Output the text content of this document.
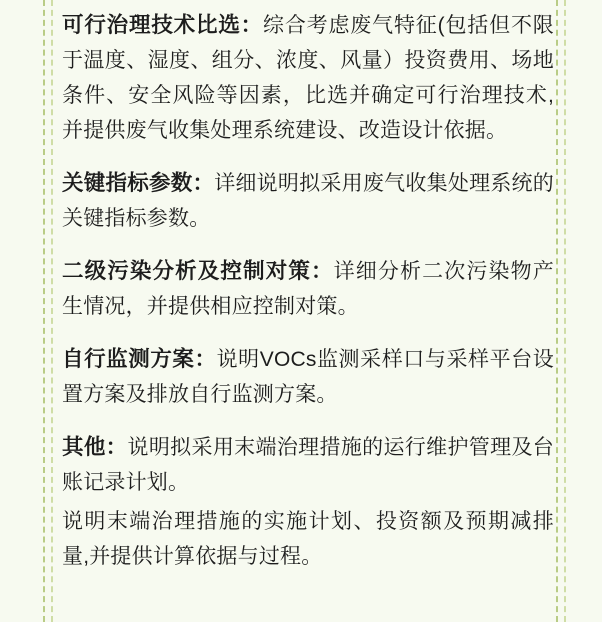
可行治理技术比选：综合考虑废气特征(包括但不限于温度、湿度、组分、浓度、风量）投资费用、场地条件、安全风险等因素，比选并确定可行治理技术,并提供废气收集处理系统建设、改造设计依据。

关键指标参数：详细说明拟采用废气收集处理系统的关键指标参数。

二级污染分析及控制对策：详细分析二次污染物产生情况，并提供相应控制对策。

自行监测方案：说明VOCs监测采样口与采样平台设置方案及排放自行监测方案。

其他：说明拟采用末端治理措施的运行维护管理及台账记录计划。

说明末端治理措施的实施计划、投资额及预期减排量,并提供计算依据与过程。
